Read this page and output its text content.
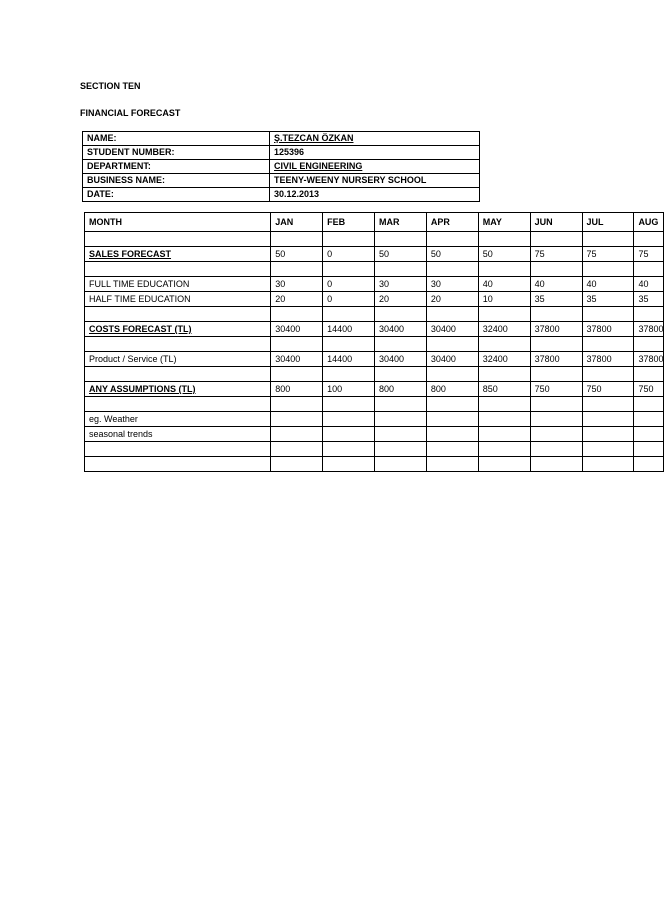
SECTION TEN

FINANCIAL FORECAST

NAME:	Ş.TEZCAN ÖZKAN
STUDENT NUMBER:	125396
DEPARTMENT:	CIVIL ENGINEERING
BUSINESS NAME:	TEENY-WEENY NURSERY SCHOOL
DATE:	30.12.2013
MONTH	JAN	FEB	MAR	APR	MAY	JUN	JUL	AUG

SALES FORECAST	50	0	50	50	50	75	75	75

FULL TIME EDUCATION	30	0	30	30	40	40	40	40
HALF TIME EDUCATION	20	0	20	20	10	35	35	35

COSTS FORECAST (TL)	30400	14400	30400	30400	32400	37800	37800	37800

Product / Service (TL)	30400	14400	30400	30400	32400	37800	37800	37800

ANY ASSUMPTIONS (TL)	800	100	800	800	850	750	750	750

eg. Weather								
seasonal trends								
